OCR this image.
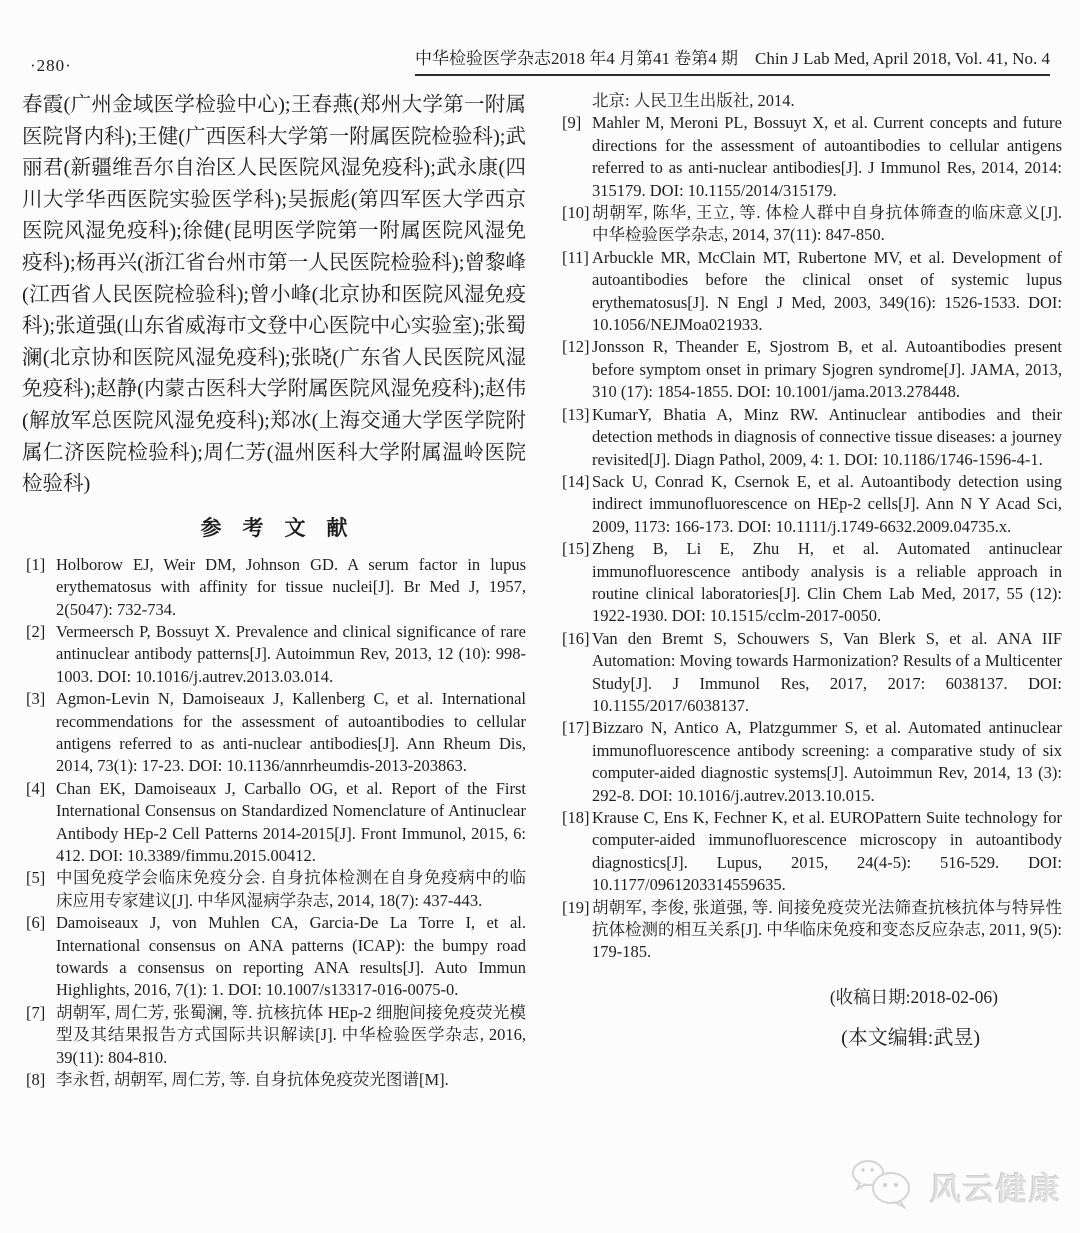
·280·	中华检验医学杂志2018 年4 月第41 卷第4 期　Chin J Lab Med, April 2018, Vol. 41, No. 4

春霞(广州金域医学检验中心);王春燕(郑州大学第一附属医院肾内科);王健(广西医科大学第一附属医院检验科);武丽君(新疆维吾尔自治区人民医院风湿免疫科);武永康(四川大学华西医院实验医学科);吴振彪(第四军医大学西京医院风湿免疫科);徐健(昆明医学院第一附属医院风湿免疫科);杨再兴(浙江省台州市第一人民医院检验科);曾黎峰(江西省人民医院检验科);曾小峰(北京协和医院风湿免疫科);张道强(山东省威海市文登中心医院中心实验室);张蜀澜(北京协和医院风湿免疫科);张晓(广东省人民医院风湿免疫科);赵静(内蒙古医科大学附属医院风湿免疫科);赵伟(解放军总医院风湿免疫科);郑冰(上海交通大学医学院附属仁济医院检验科);周仁芳(温州医科大学附属温岭医院检验科)

参　考　文　献
[1] Holborow EJ, Weir DM, Johnson GD. A serum factor in lupus erythematosus with affinity for tissue nuclei[J]. Br Med J, 1957, 2(5047): 732-734.
[2] Vermeersch P, Bossuyt X. Prevalence and clinical significance of rare antinuclear antibody patterns[J]. Autoimmun Rev, 2013, 12 (10): 998-1003. DOI: 10.1016/j.autrev.2013.03.014.
[3] Agmon-Levin N, Damoiseaux J, Kallenberg C, et al. International recommendations for the assessment of autoantibodies to cellular antigens referred to as anti-nuclear antibodies[J]. Ann Rheum Dis, 2014, 73(1): 17-23. DOI: 10.1136/annrheumdis-2013-203863.
[4] Chan EK, Damoiseaux J, Carballo OG, et al. Report of the First International Consensus on Standardized Nomenclature of Antinuclear Antibody HEp-2 Cell Patterns 2014-2015[J]. Front Immunol, 2015, 6: 412. DOI: 10.3389/fimmu.2015.00412.
[5] 中国免疫学会临床免疫分会. 自身抗体检测在自身免疫病中的临床应用专家建议[J]. 中华风湿病学杂志, 2014, 18(7): 437-443.
[6] Damoiseaux J, von Muhlen CA, Garcia-De La Torre I, et al. International consensus on ANA patterns (ICAP): the bumpy road towards a consensus on reporting ANA results[J]. Auto Immun Highlights, 2016, 7(1): 1. DOI: 10.1007/s13317-016-0075-0.
[7] 胡朝军, 周仁芳, 张蜀澜, 等. 抗核抗体 HEp-2 细胞间接免疫荧光模型及其结果报告方式国际共识解读[J]. 中华检验医学杂志, 2016, 39(11): 804-810.
[8] 李永哲, 胡朝军, 周仁芳, 等. 自身抗体免疫荧光图谱[M].
北京: 人民卫生出版社, 2014.
[9] Mahler M, Meroni PL, Bossuyt X, et al. Current concepts and future directions for the assessment of autoantibodies to cellular antigens referred to as anti-nuclear antibodies[J]. J Immunol Res, 2014, 2014: 315179. DOI: 10.1155/2014/315179.
[10] 胡朝军, 陈华, 王立, 等. 体检人群中自身抗体筛查的临床意义[J]. 中华检验医学杂志, 2014, 37(11): 847-850.
[11] Arbuckle MR, McClain MT, Rubertone MV, et al. Development of autoantibodies before the clinical onset of systemic lupus erythematosus[J]. N Engl J Med, 2003, 349(16): 1526-1533. DOI: 10.1056/NEJMoa021933.
[12] Jonsson R, Theander E, Sjostrom B, et al. Autoantibodies present before symptom onset in primary Sjogren syndrome[J]. JAMA, 2013, 310 (17): 1854-1855. DOI: 10.1001/jama.2013.278448.
[13] KumarY, Bhatia A, Minz RW. Antinuclear antibodies and their detection methods in diagnosis of connective tissue diseases: a journey revisited[J]. Diagn Pathol, 2009, 4: 1. DOI: 10.1186/1746-1596-4-1.
[14] Sack U, Conrad K, Csernok E, et al. Autoantibody detection using indirect immunofluorescence on HEp-2 cells[J]. Ann N Y Acad Sci, 2009, 1173: 166-173. DOI: 10.1111/j.1749-6632.2009.04735.x.
[15] Zheng B, Li E, Zhu H, et al. Automated antinuclear immunofluorescence antibody analysis is a reliable approach in routine clinical laboratories[J]. Clin Chem Lab Med, 2017, 55 (12): 1922-1930. DOI: 10.1515/cclm-2017-0050.
[16] Van den Bremt S, Schouwers S, Van Blerk S, et al. ANA IIF Automation: Moving towards Harmonization? Results of a Multicenter Study[J]. J Immunol Res, 2017, 2017: 6038137. DOI: 10.1155/2017/6038137.
[17] Bizzaro N, Antico A, Platzgummer S, et al. Automated antinuclear immunofluorescence antibody screening: a comparative study of six computer-aided diagnostic systems[J]. Autoimmun Rev, 2014, 13 (3): 292-8. DOI: 10.1016/j.autrev.2013.10.015.
[18] Krause C, Ens K, Fechner K, et al. EUROPattern Suite technology for computer-aided immunofluorescence microscopy in autoantibody diagnostics[J]. Lupus, 2015, 24(4-5): 516-529. DOI: 10.1177/0961203314559635.
[19] 胡朝军, 李俊, 张道强, 等. 间接免疫荧光法筛查抗核抗体与特异性抗体检测的相互关系[J]. 中华临床免疫和变态反应杂志, 2011, 9(5): 179-185.
(收稿日期:2018-02-06)
(本文编辑:武昱)
风云健康
